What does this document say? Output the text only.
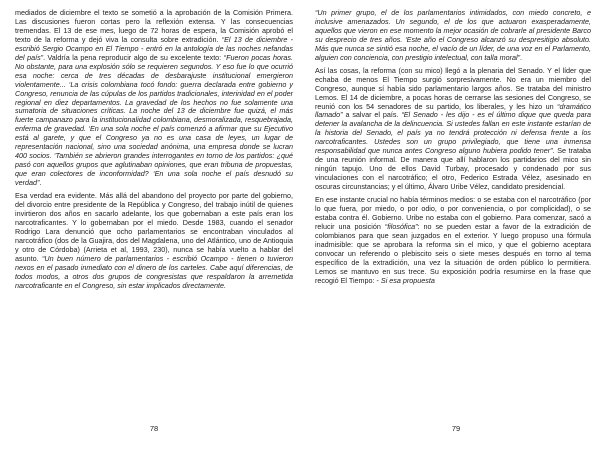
mediados de diciembre el texto se sometió a la aprobación de la Comisión Primera. Las discusiones fueron cortas pero la reflexión extensa. Y las consecuencias tremendas. El 13 de ese mes, luego de 72 horas de espera, la Comisión aprobó el texto de la reforma y dejó viva la consulta sobre extradición. “El 13 de diciembre - escribió Sergio Ocampo en El Tiempo - entró en la antología de las noches nefandas del país”. Valdría la pena reproducir algo de su excelente texto: “Fueron pocas horas. No obstante, para una explosión sólo se requieren segundos. Y eso fue lo que ocurrió esa noche: cerca de tres décadas de desbarajuste institucional emergieron violentamente... ‘La crisis colombiana tocó fondo: guerra declarada entre gobierno y Congreso, renuncia de las cúpulas de los partidos tradicionales, interinidad en el poder regional en diez departamentos. La gravedad de los hechos no fue solamente una sumatoria de situaciones críticas. La noche del 13 de diciembre fue quizá, el más fuerte campanazo para la institucionalidad colombiana, desmoralizada, resquebrajada, enferma de gravedad. ‘En una sola noche el país comenzó a afirmar que su Ejecutivo está al garete, y que el Congreso ya no es una casa de leyes, un lugar de representación nacional, sino una sociedad anónima, una empresa donde se lucran 400 socios. ‘También se abrieron grandes interrogantes en torno de los partidos: ¿qué pasó con aquellos grupos que aglutinaban opiniones, que eran tribuna de propuestas, que eran colectores de inconformidad? ‘En una sola noche el país desnudó su verdad”.

Esa verdad era evidente. Más allá del abandono del proyecto por parte del gobierno, del divorcio entre presidente de la República y Congreso, del trabajo inútil de quienes invirtieron dos años en sacarlo adelante, los que gobernaban a este país eran los narcotraficantes. Y lo gobernaban por el miedo. Desde 1983, cuando el senador Rodrigo Lara denunció que ocho parlamentarios se encontraban vinculados al narcotráfico (dos de la Guajira, dos del Magdalena, uno del Atlántico, uno de Antioquia y otro de Córdoba) (Arrieta et al, 1993, 230), nunca se había vuelto a hablar del asunto. “Un buen número de parlamentarios - escribió Ocampo - tienen o tuvieron nexos en el pasado inmediato con el dinero de los carteles. Cabe aquí diferencias, de todos modos, a otros dos grupos de congresistas que respaldaron la arremetida narcotraficante en el Congreso, sin estar implicados directamente.

78

“Un primer grupo, el de los parlamentarios intimidados, con miedo concreto, e inclusive amenazados. Un segundo, el de los que actuaron exasperadamente, aquellos que vieron en ese momento la mejor ocasión de cobrarle al presidente Barco su desprecio de tres años. ‘Este año el Congreso alcanzó su despresitigio absoluto. Más que nunca se sintió esa noche, el vacío de un líder, de una voz en el Parlamento, alguien con conciencia, con prestigio intelectual, con talla moral”.

Así las cosas, la reforma (con su mico) llegó a la plenaria del Senado. Y el líder que echaba de menos El Tiempo surgió sorpresivamente. No era un miembro del Congreso, aunque sí había sido parlamentario largos años. Se trataba del ministro Lemos. El 14 de diciembre, a pocas horas de cerrarse las sesiones del Congreso, se reunió con los 54 senadores de su partido, los liberales, y les hizo un “dramático llamado” a salvar el país. “El Senado - les dijo - es el último dique que queda para detener la avalancha de la delincuencia. Si ustedes fallan en este instante estarían de la historia del Senado, el país ya no tendrá protección ni defensa frente a los narcotraficantes. Ustedes son un grupo privilegiado, que tiene una inmensa responsabilidad que nunca antes Congreso alguno hubiera podido tener”. Se trataba de una reunión informal. De manera que allí hablaron los partidarios del mico sin ningún tapujo. Uno de ellos David Turbay, procesado y condenado por sus vinculaciones con el narcotráfico; el otro, Federico Estrada Vélez, asesinado en oscuras circunstancias; y el último, Álvaro Uribe Vélez, candidato presidencial.

En ese instante crucial no había términos medios: o se estaba con el narcotráfico (por lo que fuera, por miedo, o por odio, o por conveniencia, o por complicidad), o se estaba contra él. Gobierno. Uribe no estaba con el gobierno. Para comenzar, sacó a relucir una posición “filosófica”: no se pueden estar a favor de la extradición de colombianos para que sean juzgados en el exterior. Y luego propuso una fórmula inadmisible: que se aprobara la reforma sin el mico, y que el gobierno aceptara convocar un referendo o plebiscito seis o siete meses después en torno al tema específico de la extradición, una vez la situación de orden público lo permitiera. Lemos se mantuvo en sus trece. Su exposición podría resumirse en la frase que recogió El Tiempo: - Si esa propuesta

79
